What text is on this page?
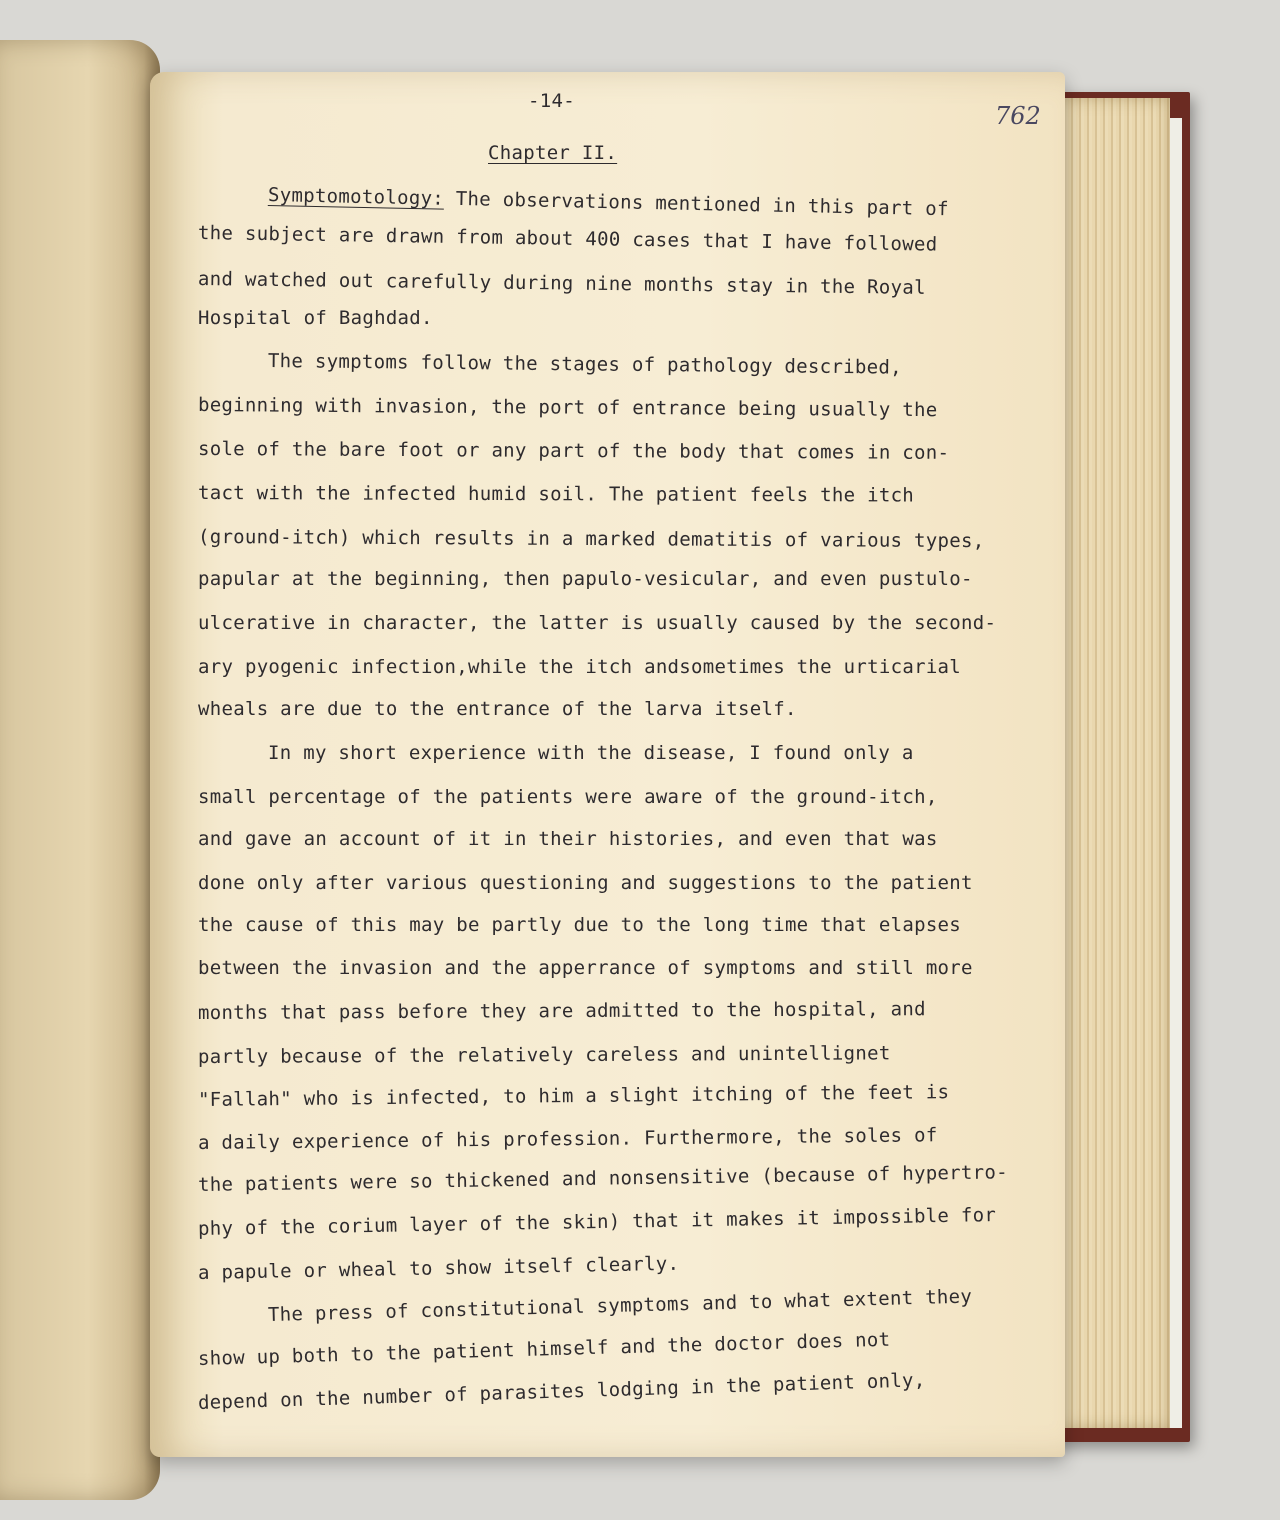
-14-
762
Chapter II.
Symptomotology: The observations mentioned in this part of
the subject are drawn from about 400 cases that I have followed
and watched out carefully during nine months stay in the Royal
Hospital of Baghdad.
The symptoms follow the stages of pathology described,
beginning with invasion, the port of entrance being usually the
sole of the bare foot or any part of the body that comes in con-
tact with the infected humid soil. The patient feels the itch
(ground-itch) which results in a marked dematitis of various types,
papular at the beginning, then papulo-vesicular, and even pustulo-
ulcerative in character, the latter is usually caused by the second-
ary pyogenic infection,while the itch andsometimes the urticarial
wheals are due to the entrance of the larva itself.
In my short experience with the disease, I found only a
small percentage of the patients were aware of the ground-itch,
and gave an account of it in their histories, and even that was
done only after various questioning and suggestions to the patient
the cause of this may be partly due to the long time that elapses
between the invasion and the apperrance of symptoms and still more
months that pass before they are admitted to the hospital, and
partly because of the relatively careless and unintellignet
"Fallah" who is infected, to him a slight itching of the feet is
a daily experience of his profession. Furthermore, the soles of
the patients were so thickened and nonsensitive (because of hypertro-
phy of the corium layer of the skin) that it makes it impossible for
a papule or wheal to show itself clearly.
The press of constitutional symptoms and to what extent they
show up both to the patient himself and the doctor does not
depend on the number of parasites lodging in the patient only,
